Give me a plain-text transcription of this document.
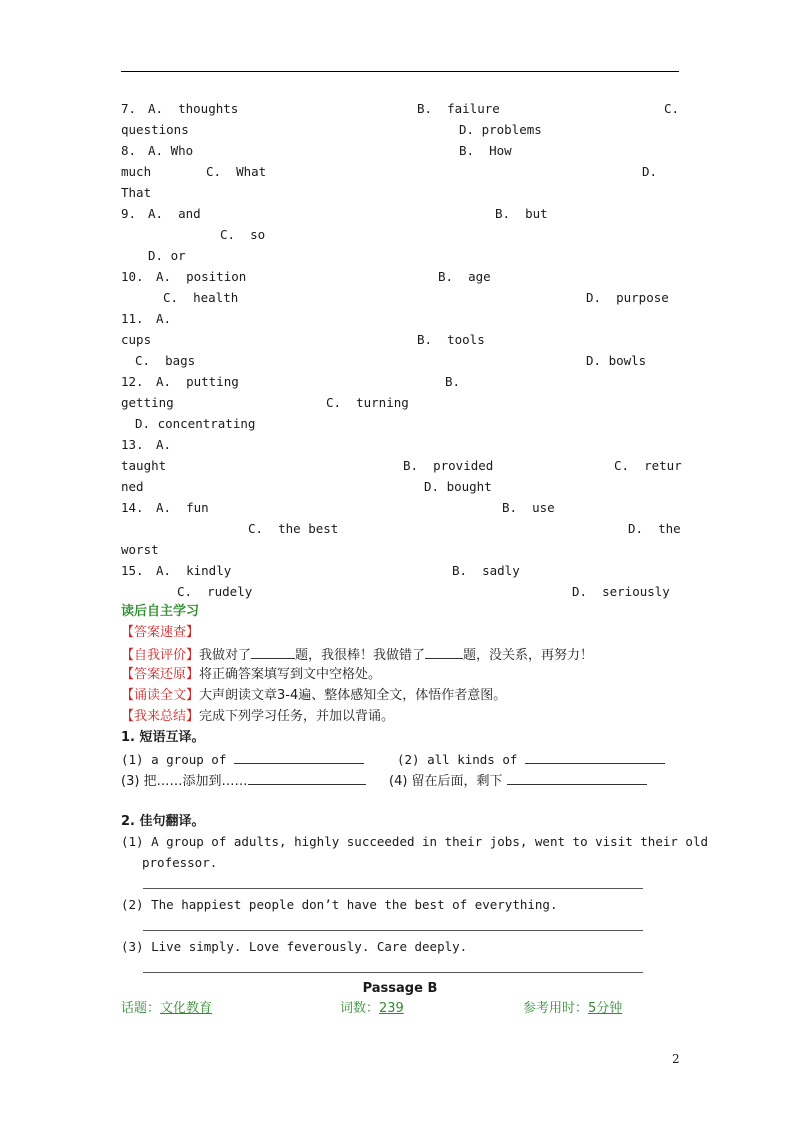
7. A.  thoughts	B.  failure	C.
questions	D. problems
8. A. Who	B.  How
much	C.  What	D.
That
9. A.  and	B.  but
C.  so
D. or
10. A.  position	B.  age
C.  health	D.  purpose
11. A.
cups	B.  tools
C.  bags	D. bowls
12. A.  putting	B.
getting	C.  turning
D. concentrating
13. A.
taught	B.  provided	C.  retur
ned	D. bought
14. A.  fun	B.  use
C.  the best	D.  the
worst
15. A.  kindly	B.  sadly
C.  rudely	D.  seriously
读后自主学习
【答案速查】
【自我评价】我做对了	题，我很棒！我做错了	题，没关系，再努力！
【答案还原】将正确答案填写到文中空格处。
【诵读全文】大声朗读文章3-4遍、整体感知全文，体悟作者意图。
【我来总结】完成下列学习任务，并加以背诵。
1. 短语互译。
(1) a group of	(2) all kinds of
(3) 把……添加到……	(4) 留在后面，剩下
2. 佳句翻译。
(1) A group of adults, highly succeeded in their jobs, went to visit their old
professor.
(2) The happiest people don’t have the best of everything.
(3) Live simply. Love feverously. Care deeply.
Passage B
话题：文化教育	词数：239	参考用时：5分钟
2
